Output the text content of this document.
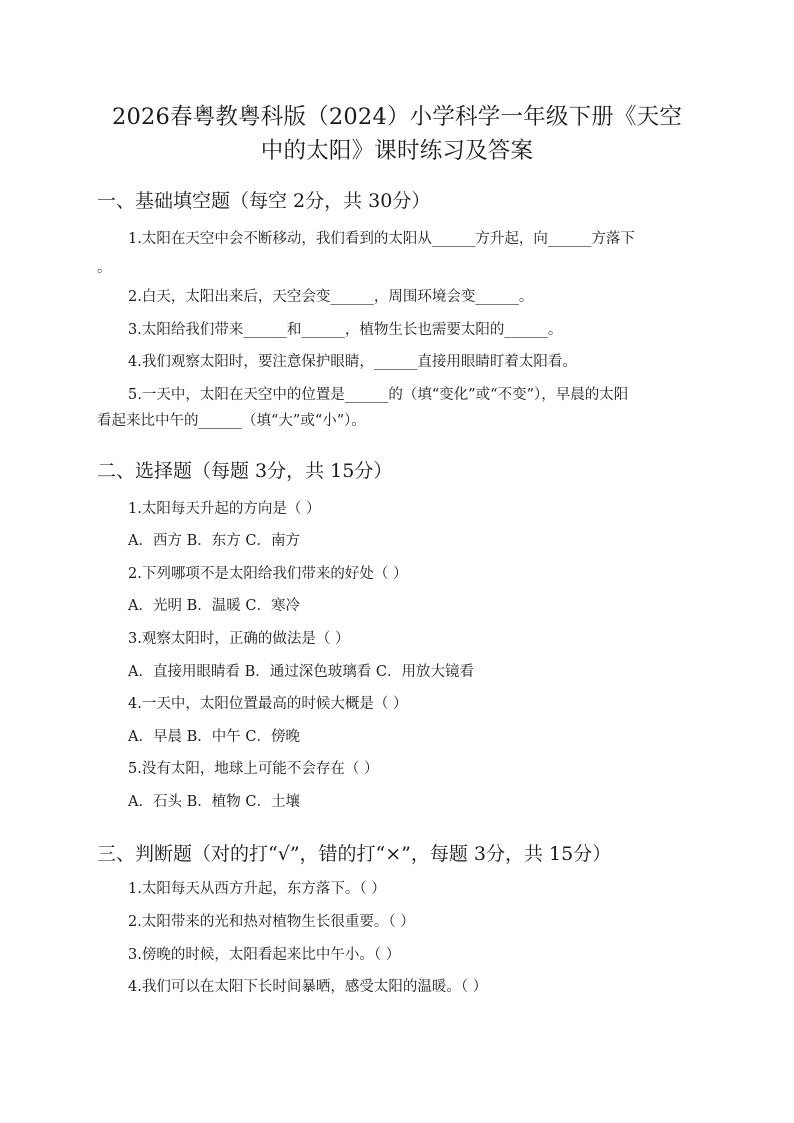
2026春粤教粤科版（2024）小学科学一年级下册《天空
中的太阳》课时练习及答案
一、基础填空题（每空 2分，共 30分）
1.太阳在天空中会不断移动，我们看到的太阳从______方升起，向______方落下
。
2.白天，太阳出来后，天空会变______，周围环境会变______。
3.太阳给我们带来______和______，植物生长也需要太阳的______。
4.我们观察太阳时，要注意保护眼睛，______直接用眼睛盯着太阳看。
5.一天中，太阳在天空中的位置是______的（填“变化”或“不变”），早晨的太阳
看起来比中午的______（填“大”或“小”）。
二、选择题（每题 3分，共 15分）
1.太阳每天升起的方向是（ ）
A．西方 B．东方 C．南方
2.下列哪项不是太阳给我们带来的好处（ ）
A．光明 B．温暖 C．寒冷
3.观察太阳时，正确的做法是（ ）
A．直接用眼睛看 B．通过深色玻璃看 C．用放大镜看
4.一天中，太阳位置最高的时候大概是（ ）
A．早晨 B．中午 C．傍晚
5.没有太阳，地球上可能不会存在（ ）
A．石头 B．植物 C．土壤
三、判断题（对的打“√”，错的打“×”，每题 3分，共 15分）
1.太阳每天从西方升起，东方落下。（ ）
2.太阳带来的光和热对植物生长很重要。（ ）
3.傍晚的时候，太阳看起来比中午小。（ ）
4.我们可以在太阳下长时间暴晒，感受太阳的温暖。（ ）
